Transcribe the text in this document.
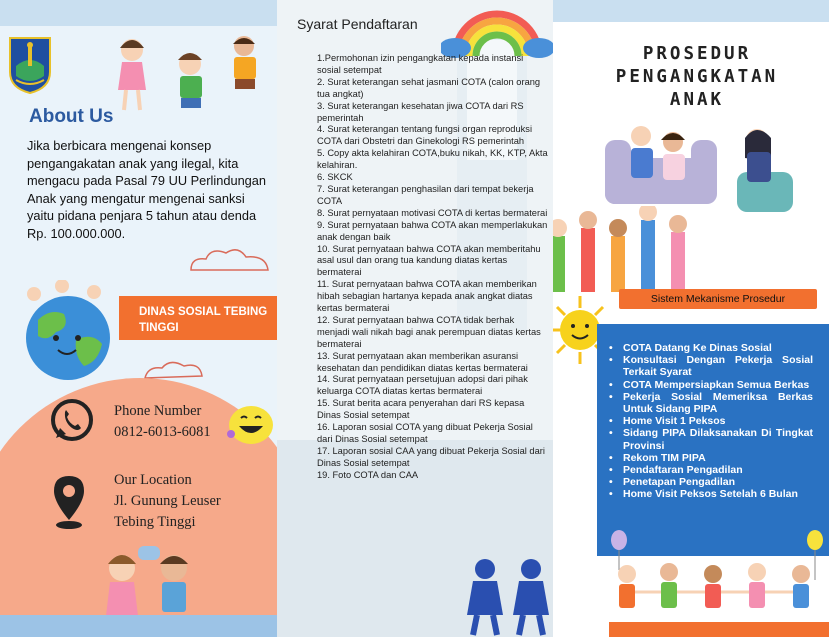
About Us
Jika berbicara mengenai konsep pengangakatan anak yang ilegal, kita mengacu pada Pasal 79 UU Perlindungan Anak yang mengatur mengenai sanksi yaitu pidana penjara 5 tahun atau denda Rp. 100.000.000.
DINAS SOSIAL TEBING TINGGI
Phone Number
0812-6013-6081
Our Location
Jl. Gunung Leuser
Tebing Tinggi
Syarat Pendaftaran
1.Permohonan izin pengangkatan kepada instansi sosial setempat
2. Surat keterangan sehat jasmani COTA (calon orang tua angkat)
3. Surat keterangan kesehatan jiwa COTA dari RS pemerintah
4. Surat keterangan tentang fungsi organ reproduksi COTA dari Obstetri dan Ginekologi RS pemerintah
5. Copy akta kelahiran COTA,buku nikah, KK, KTP, Akta kelahiran.
6. SKCK
7. Surat keterangan penghasilan dari tempat bekerja COTA
8. Surat pernyataan motivasi COTA di kertas bermaterai
9. Surat pernyataan bahwa COTA akan memperlakukan anak dengan baik
10. Surat pernyataan bahwa COTA akan memberitahu asal usul dan orang tua kandung diatas kertas bermaterai
11. Surat pernyataan bahwa COTA akan memberikan hibah sebagian hartanya kepada anak angkat diatas kertas bermaterai
12. Surat pernyataan bahwa COTA tidak berhak menjadi wali nikah bagi anak perempuan diatas kertas bermaterai
13. Surat pernyataan akan memberikan asuransi kesehatan dan pendidikan diatas kertas bermaterai
14. Surat pernyataan persetujuan adopsi dari pihak keluarga COTA diatas kertas bermaterai
15. Surat berita acara penyerahan dari RS kepasa Dinas Sosial setempat
16. Laporan sosial COTA yang dibuat Pekerja Sosial dari Dinas Sosial setempat
17. Laporan sosial CAA yang dibuat Pekerja Sosial dari Dinas Sosial setempat
19. Foto COTA dan CAA
PROSEDUR
PENGANGKATAN
ANAK
Sistem Mekanisme Prosedur
• COTA Datang Ke Dinas Sosial
• Konsultasi Dengan Pekerja Sosial Terkait Syarat
• COTA Mempersiapkan Semua Berkas
• Pekerja Sosial Memeriksa Berkas Untuk Sidang PIPA
• Home Visit 1 Peksos
• Sidang PIPA Dilaksanakan Di Tingkat Provinsi
• Rekom TIM PIPA
• Pendaftaran Pengadilan
• Penetapan Pengadilan
• Home Visit Peksos Setelah 6 Bulan
